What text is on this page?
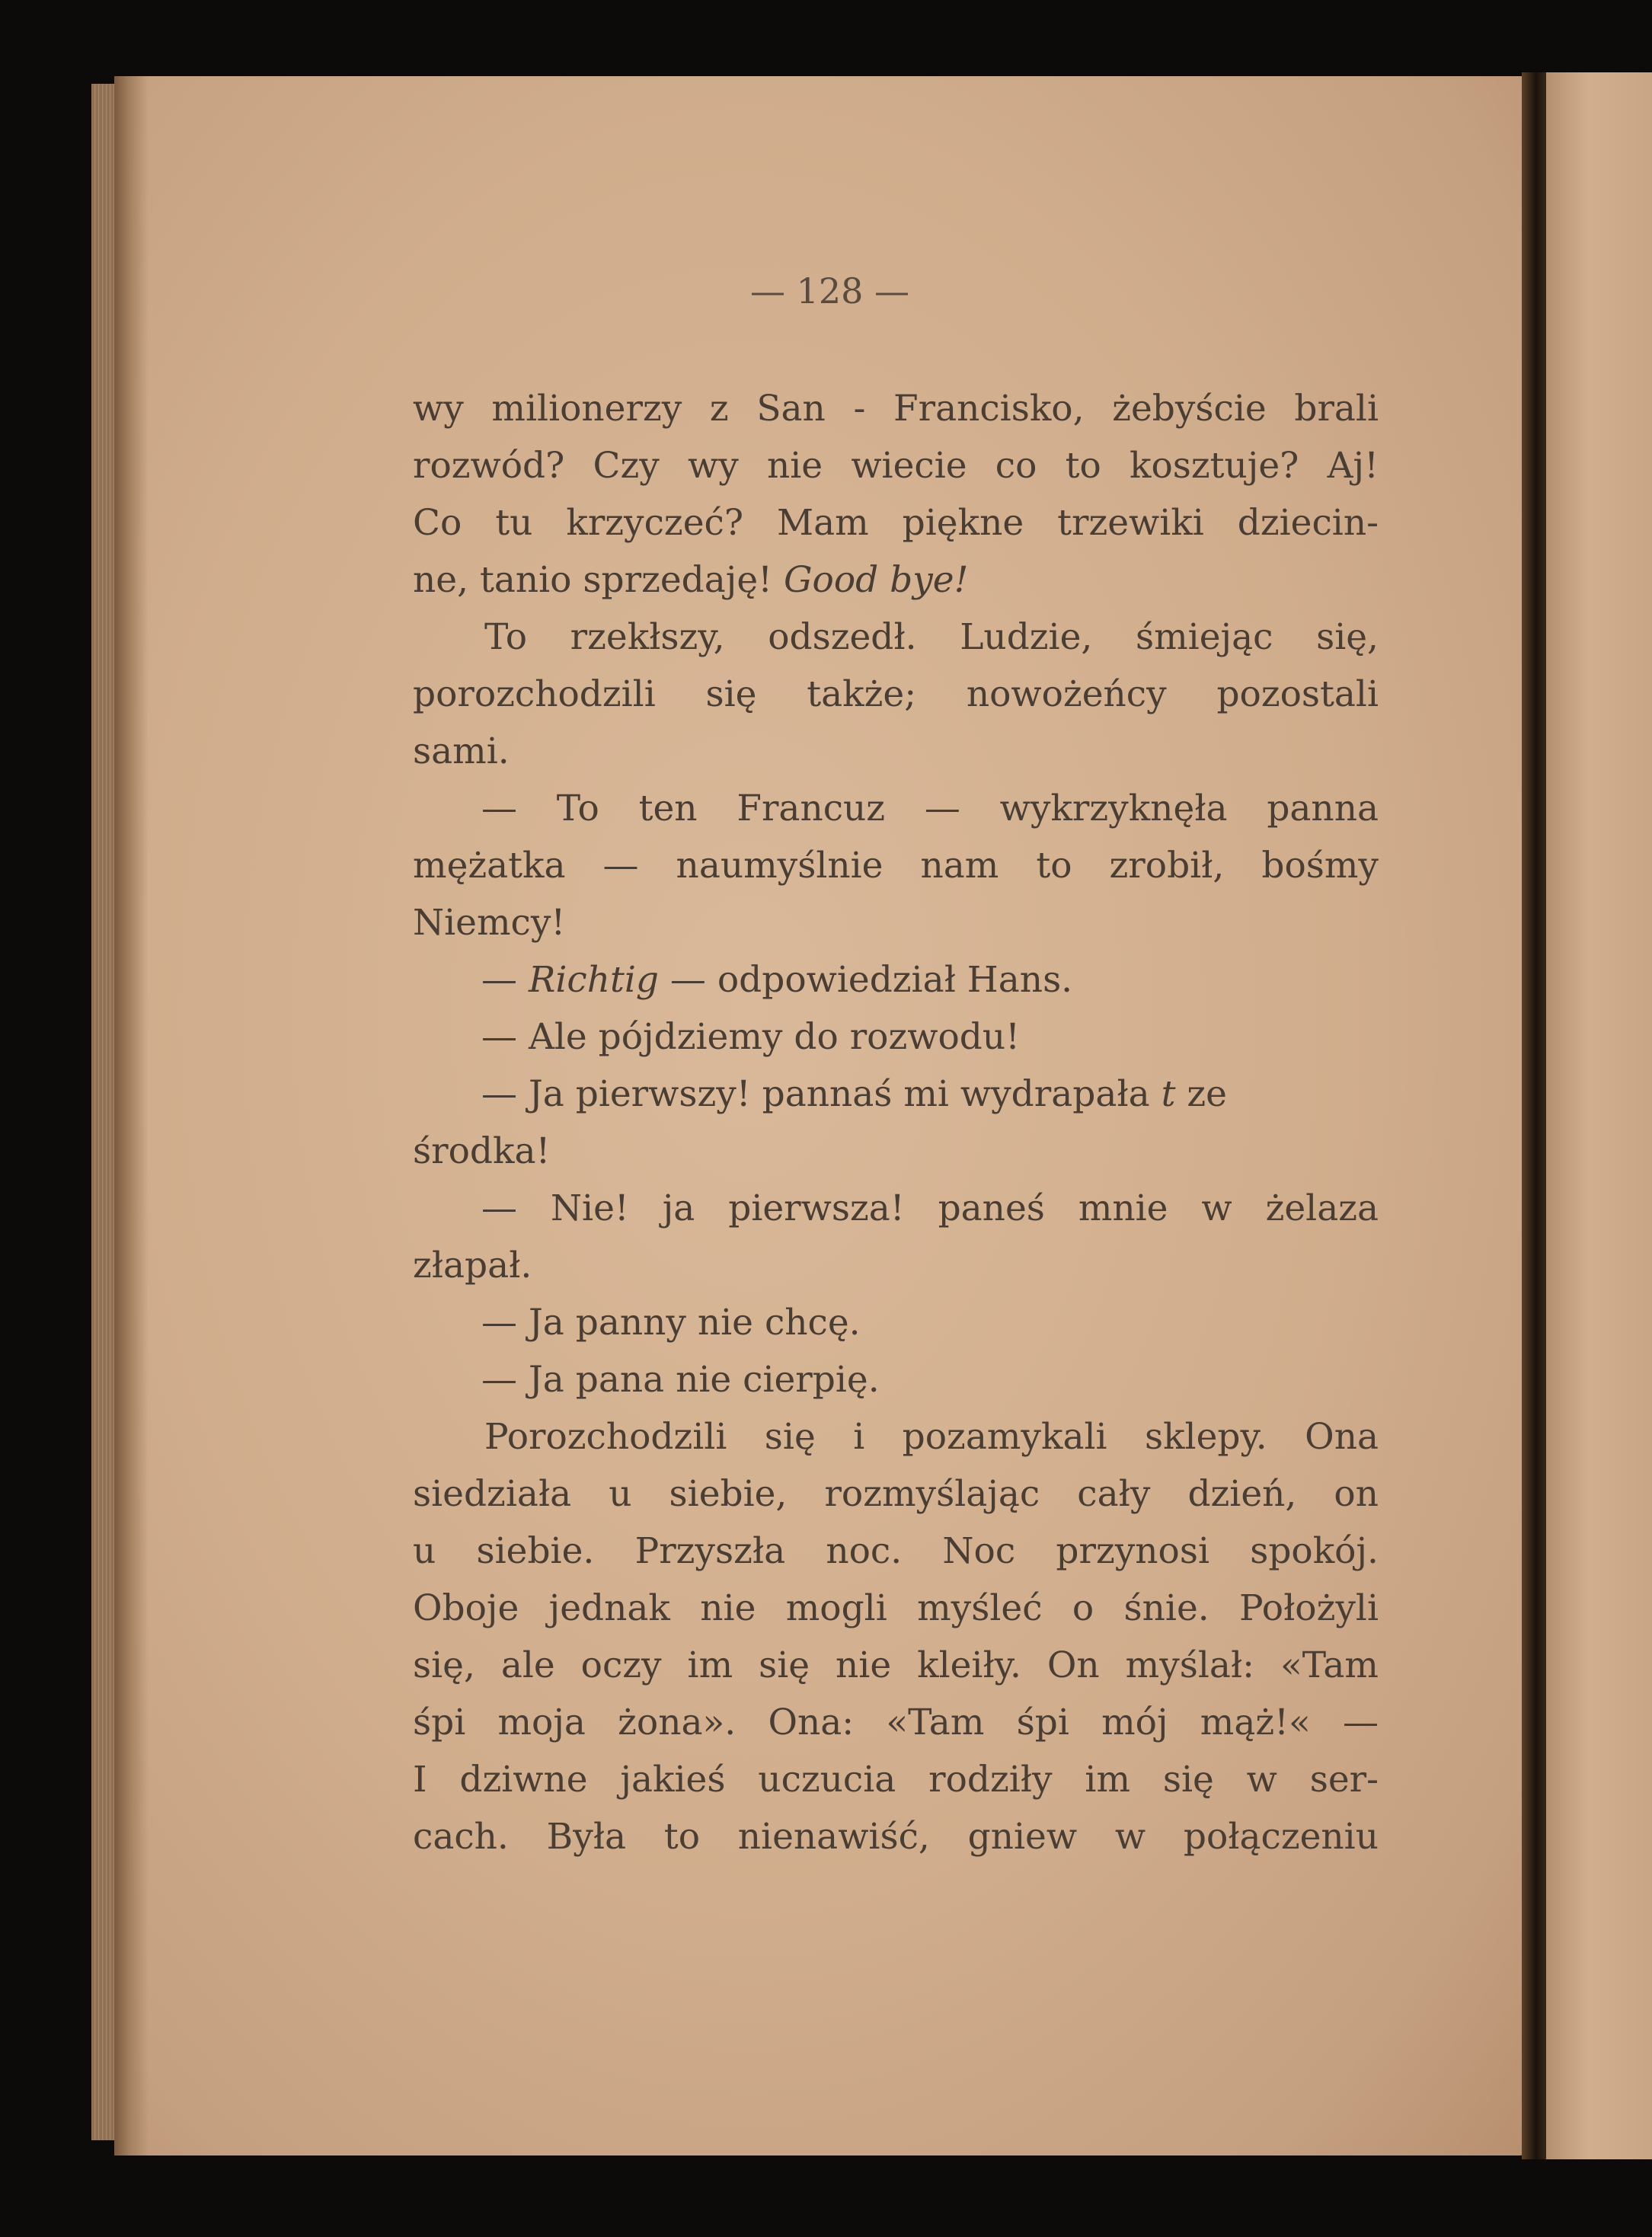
— 128 —
wy milionerzy z San - Francisko, żebyście brali
rozwód? Czy wy nie wiecie co to kosztuje? Aj!
Co tu krzyczeć? Mam piękne trzewiki dziecin-
ne, tanio sprzedaję! Good bye!
To rzekłszy, odszedł. Ludzie, śmiejąc się,
porozchodzili się także; nowożeńcy pozostali
sami.
— To ten Francuz — wykrzyknęła panna
mężatka — naumyślnie nam to zrobił, bośmy
Niemcy!
— Richtig — odpowiedział Hans.
— Ale pójdziemy do rozwodu!
— Ja pierwszy! pannaś mi wydrapała t ze
środka!
— Nie! ja pierwsza! paneś mnie w żelaza
złapał.
— Ja panny nie chcę.
— Ja pana nie cierpię.
Porozchodzili się i pozamykali sklepy. Ona
siedziała u siebie, rozmyślając cały dzień, on
u siebie. Przyszła noc. Noc przynosi spokój.
Oboje jednak nie mogli myśleć o śnie. Położyli
się, ale oczy im się nie kleiły. On myślał: «Tam
śpi moja żona». Ona: «Tam śpi mój mąż!« —
I dziwne jakieś uczucia rodziły im się w ser-
cach. Była to nienawiść, gniew w połączeniu
